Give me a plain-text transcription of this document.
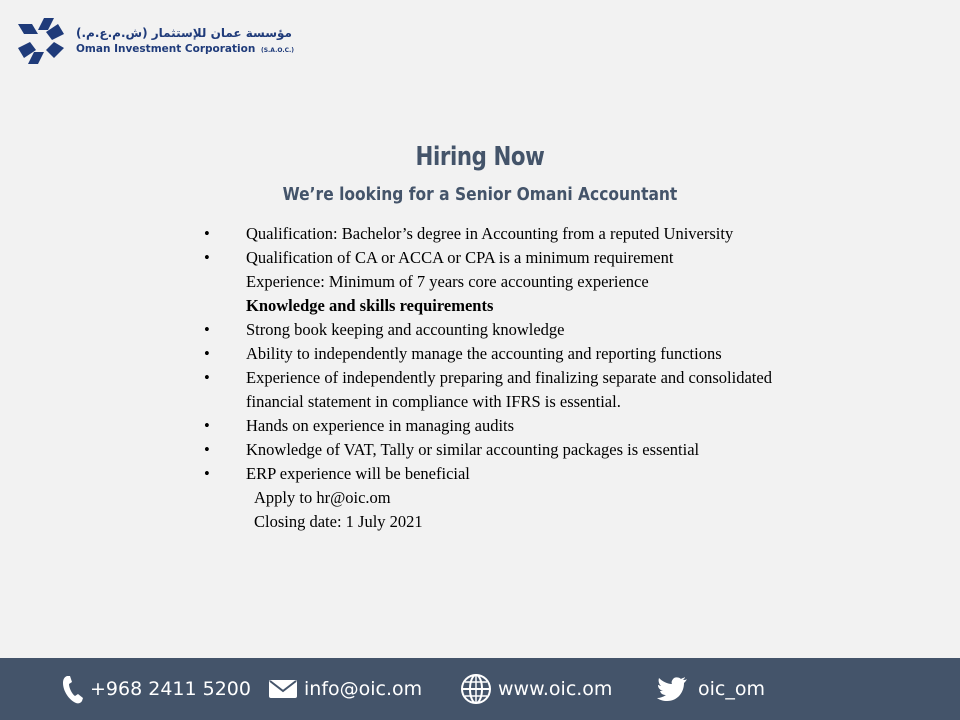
مؤسسة عمان للإستثمار (ش.م.ع.م.)
Oman Investment Corporation (S.A.O.C.)
Hiring Now
We’re looking for a Senior Omani Accountant
•	Qualification: Bachelor’s degree in Accounting from a reputed University
•	Qualification of CA or ACCA or CPA is a minimum requirement
Experience: Minimum of 7 years core accounting experience
Knowledge and skills requirements
•	Strong book keeping and accounting knowledge
•	Ability to independently manage the accounting and reporting functions
•	Experience of independently preparing and finalizing separate and consolidated financial statement in compliance with IFRS is essential.
•	Hands on experience in managing audits
•	Knowledge of VAT, Tally or similar accounting packages is essential
•	ERP experience will be beneficial
Apply to hr@oic.om
Closing date: 1 July 2021
+968 2411 5200	info@oic.om	www.oic.om	oic_om
